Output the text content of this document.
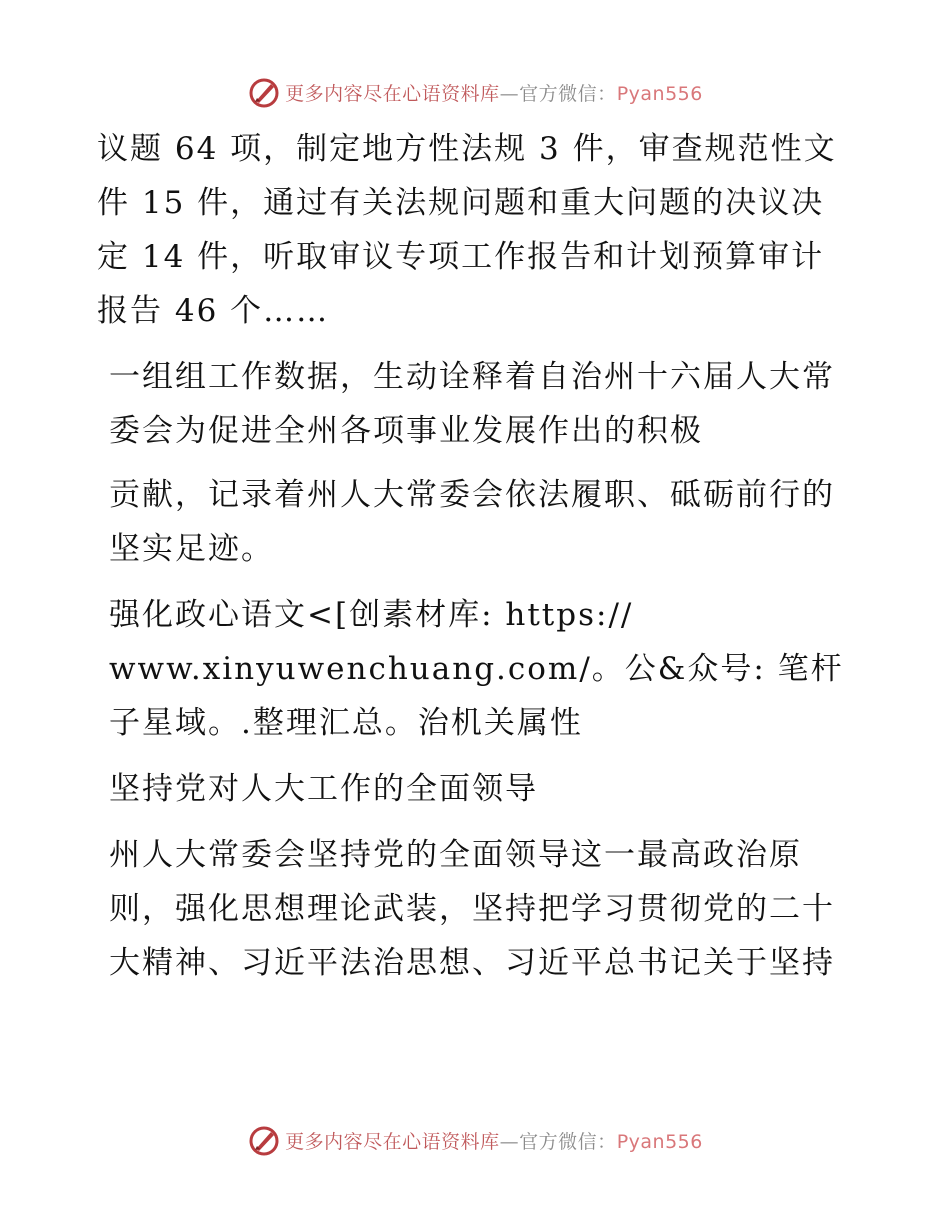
更多内容尽在心语资料库—官方微信：Pyan556

议题 64 项，制定地方性法规 3 件，审查规范性文件 15 件，通过有关法规问题和重大问题的决议决定 14 件，听取审议专项工作报告和计划预算审计报告 46 个……

一组组工作数据，生动诠释着自治州十六届人大常委会为促进全州各项事业发展作出的积极

贡献，记录着州人大常委会依法履职、砥砺前行的坚实足迹。

强化政心语文<[创素材库: https://
www.xinyuwenchuang.com/。公&众号: 笔杆子星域。.整理汇总。治机关属性

坚持党对人大工作的全面领导

州人大常委会坚持党的全面领导这一最高政治原则，强化思想理论武装，坚持把学习贯彻党的二十大精神、习近平法治思想、习近平总书记关于坚持

更多内容尽在心语资料库—官方微信：Pyan556
